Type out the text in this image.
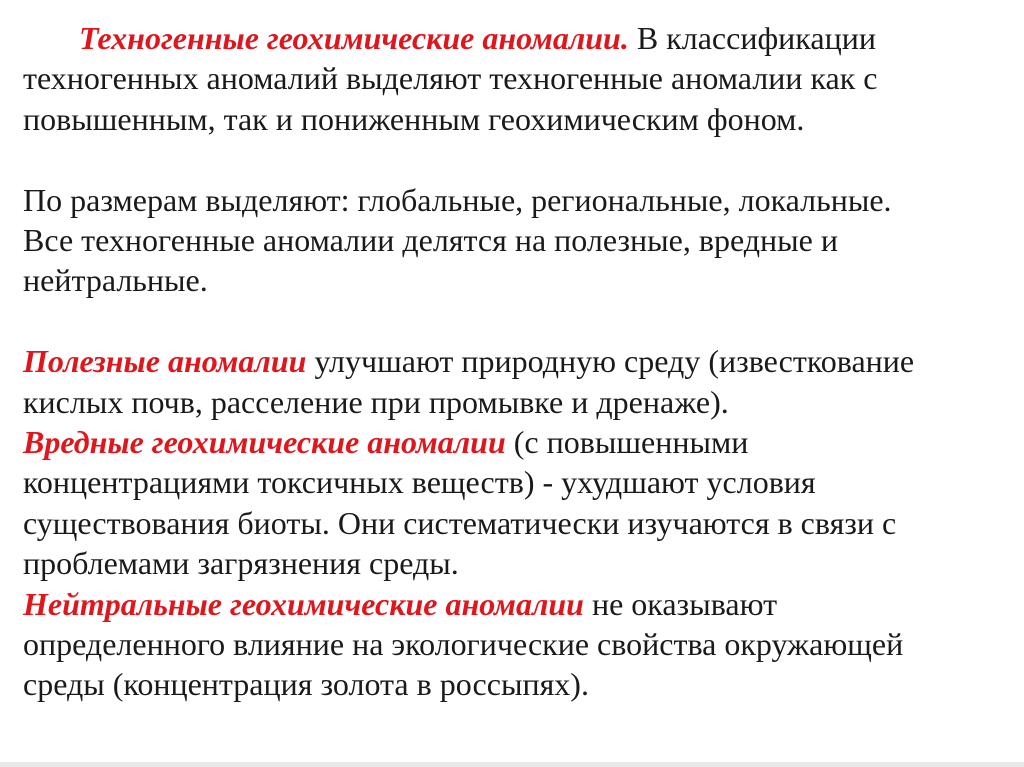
Техногенные геохимические аномалии. В классификации

техногенных аномалий выделяют техногенные аномалии как с

повышенным, так и пониженным геохимическим фоном.

По размерам выделяют: глобальные, региональные, локальные.

Все техногенные аномалии делятся на полезные, вредные и

нейтральные.

Полезные аномалии улучшают природную среду (известкование

кислых почв, расселение при промывке и дренаже).

Вредные геохимические аномалии (с повышенными

концентрациями токсичных веществ) - ухудшают условия

существования биоты. Они систематически изучаются в связи с

проблемами загрязнения среды.

Нейтральные геохимические аномалии не оказывают

определенного влияние на экологические свойства окружающей

среды (концентрация золота в россыпях).
